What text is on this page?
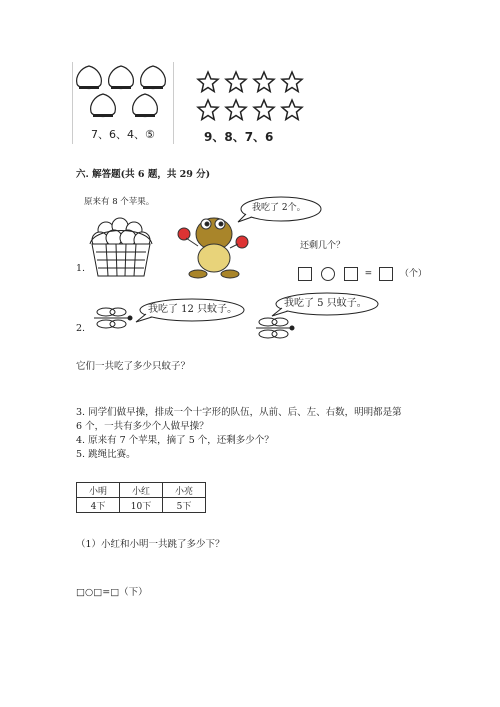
7、6、4、⑤	9、8、7、6
六. 解答题(共 6 题，共 29 分)
原来有 8 个苹果。
1.
我吃了 2个。
还剩几个？
=	（个）
2.
我吃了 12 只蚊子。
我吃了 5 只蚊子。
它们一共吃了多少只蚊子？
3. 同学们做早操，排成一个十字形的队伍，从前、后、左、右数，明明都是第
6 个，一共有多少个人做早操？
4. 原来有 7 个苹果，摘了 5 个，还剩多少个？
5. 跳绳比赛。
小明	小红	小亮
4下	10下	5下
（1）小红和小明一共跳了多少下？
□○□=□（下）
